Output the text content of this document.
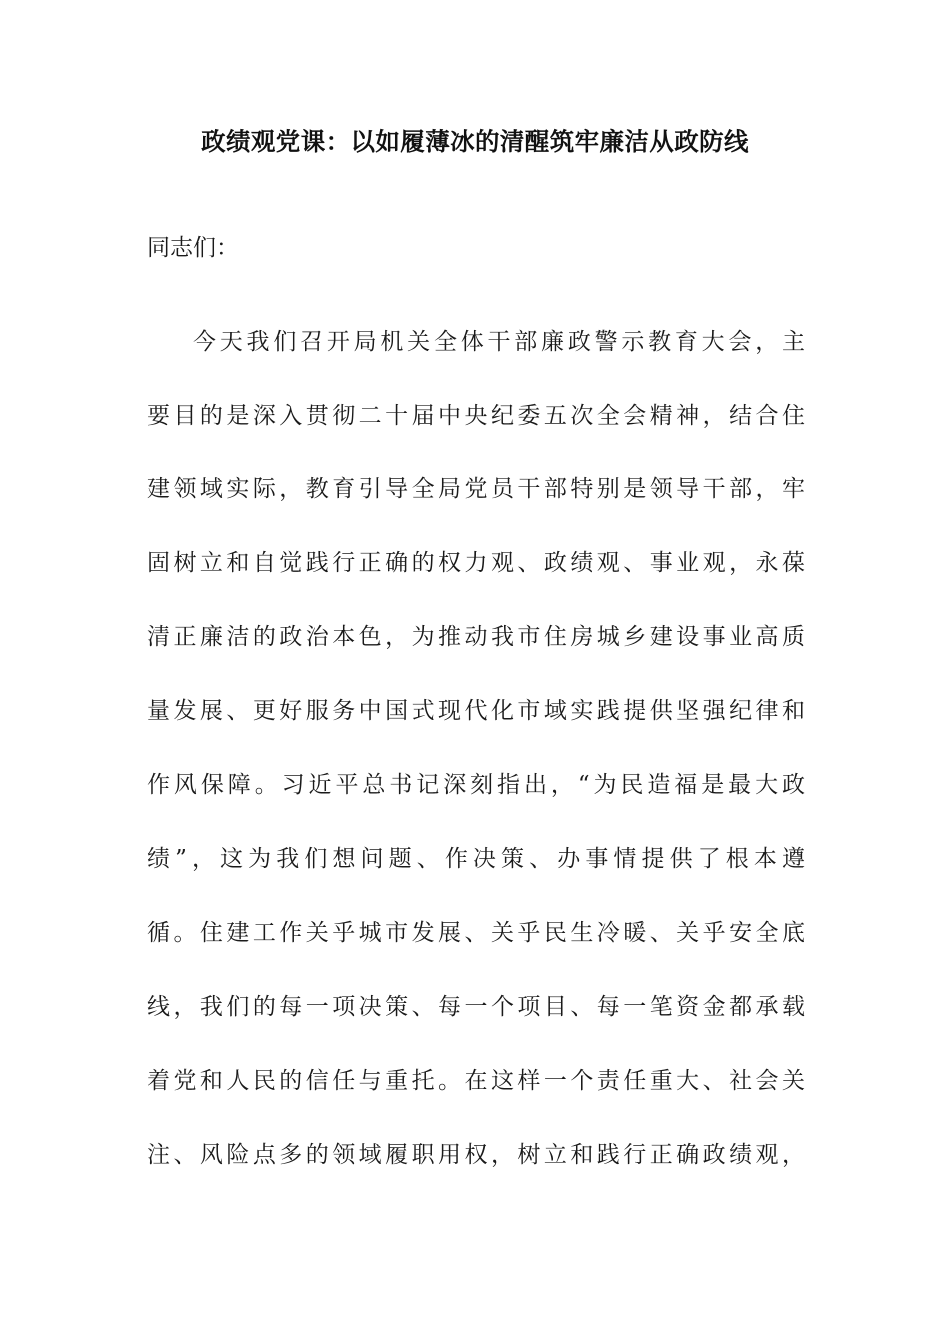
政绩观党课：以如履薄冰的清醒筑牢廉洁从政防线

同志们：

今天我们召开局机关全体干部廉政警示教育大会，主

要目的是深入贯彻二十届中央纪委五次全会精神，结合住

建领域实际，教育引导全局党员干部特别是领导干部，牢

固树立和自觉践行正确的权力观、政绩观、事业观，永葆

清正廉洁的政治本色，为推动我市住房城乡建设事业高质

量发展、更好服务中国式现代化市域实践提供坚强纪律和

作风保障。习近平总书记深刻指出，“为民造福是最大政

绩”，这为我们想问题、作决策、办事情提供了根本遵

循。住建工作关乎城市发展、关乎民生冷暖、关乎安全底

线，我们的每一项决策、每一个项目、每一笔资金都承载

着党和人民的信任与重托。在这样一个责任重大、社会关

注、风险点多的领域履职用权，树立和践行正确政绩观，
